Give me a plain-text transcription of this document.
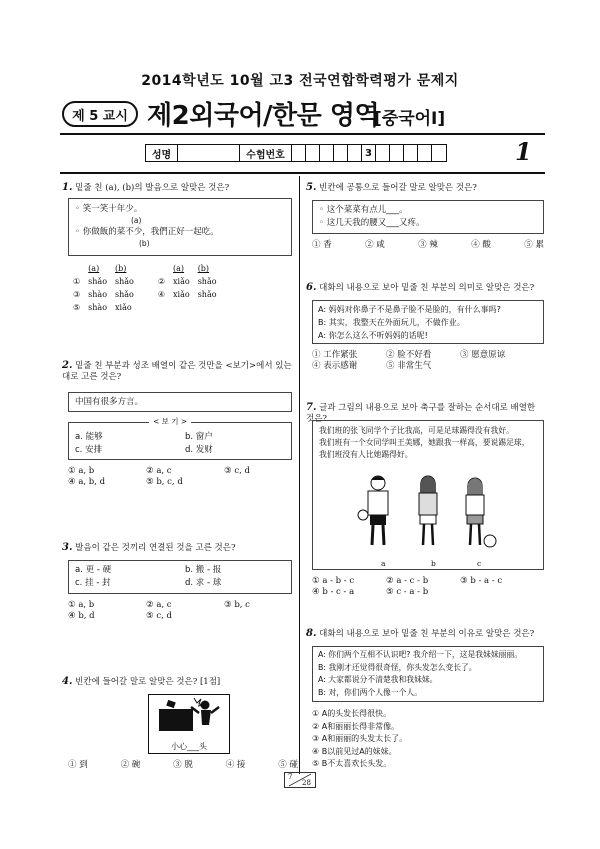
2014학년도 10월 고3 전국연합학력평가 문제지
제 5 교시 제2외국어/한문 영역
[중국어Ⅰ]
성명	수험번호	3	1
1. 밑줄 친 (a), (b)의 발음으로 알맞은 것은?
◦ 笑一笑十年少。
(a)
◦ 你做飯的菜不少，我們正好一起吃。
(b)
	(a)	(b)			(a)	(b)
①	shǎo	shǎo		②	xiǎo	shǎo
③	shào	shǎo		④	xiǎo	shǎo
⑤	shào	xiǎo				
2. 밑줄 친 부분과 성조 배열이 같은 것만을 <보기>에서 있는 대로 고른 것은?
中国有很多方言。
< 보 기 >
a. 能够	b. 窗户
c. 安排	d. 发财
① a, b	② a, c	③ c, d
④ a, b, d	⑤ b, c, d
3. 발음이 같은 것끼리 연결된 것을 고른 것은?
a. 更 - 硬	b. 搬 - 报
c. 挂 - 封	d. 求 - 球
① a, b	② a, c	③ b, c
④ b, d	⑤ c, d
4. 빈칸에 들어갈 말로 알맞은 것은? [1점]
小心___头
① 到	② 碗	③ 脱	④ 接	⑤ 碰
5. 빈칸에 공통으로 들어갈 말로 알맞은 것은?
◦ 这个菜菜有点儿___。
◦ 这几天我的腰又___又疼。
① 香	② 咸	③ 辣	④ 酸	⑤ 累
6. 대화의 내용으로 보아 밑줄 친 부분의 의미로 알맞은 것은?
A: 妈妈对你鼻子不是鼻子脸不是脸的，有什么事吗?
B: 其实，我整天在外面玩儿，不做作业。
A: 你怎么这么不听妈妈的话呢!
① 工作紧张	② 脸不好看	③ 愿意原谅
④ 表示感谢	⑤ 非常生气
7. 글과 그림의 내용으로 보아 축구를 잘하는 순서대로 배열한 것은?
我们班的张飞同学个子比我高，可是足球踢得没有我好。
我们班有一个女同学叫王美娜，她跟我一样高，要说踢足球，
我们班没有人比她踢得好。
a	b	c
① a - b - c	② a - c - b	③ b - a - c
④ b - c - a	⑤ c - a - b
8. 대화의 내용으로 보아 밑줄 친 부분의 이유로 알맞은 것은?
A: 你们两个互相不认识吧? 我介绍一下，这是我妹妹丽丽。
B: 我刚才还觉得很奇怪，你头发怎么变长了。
A: 大家都说分不清楚我和我妹妹。
B: 对，你们两个人像一个人。
① A的头发长得很快。
② A和丽丽长得非常像。
③ A和丽丽的头发太长了。
④ B以前见过A的妹妹。
⑤ B不太喜欢长头发。
7
28
